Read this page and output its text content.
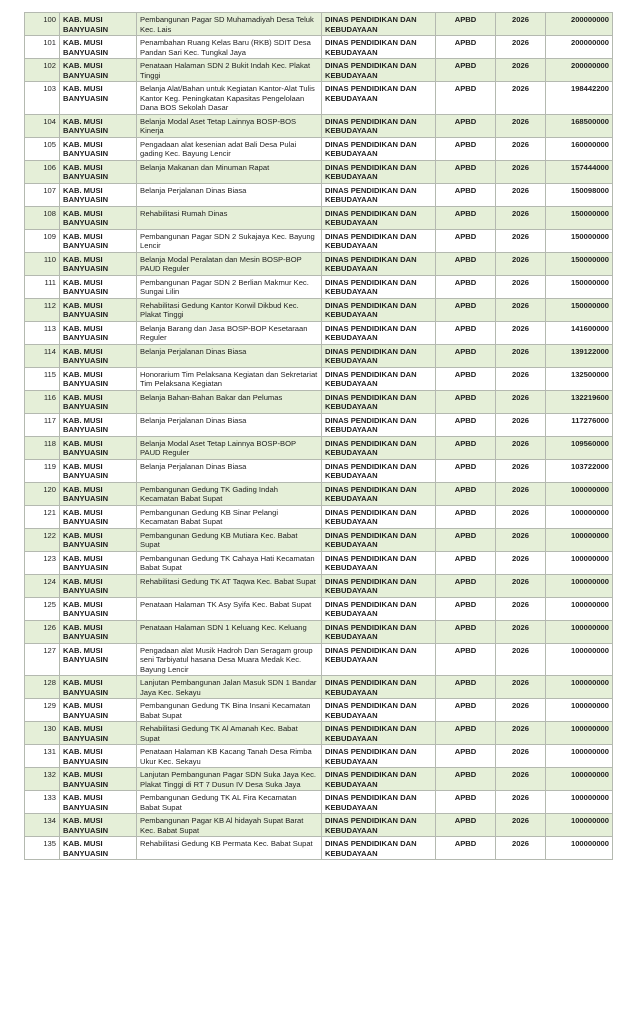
100	KAB. MUSI BANYUASIN	Pembangunan Pagar SD Muhamadiyah Desa Teluk Kec. Lais	DINAS PENDIDIKAN DAN KEBUDAYAAN	APBD	2026	200000000
101	KAB. MUSI BANYUASIN	Penambahan Ruang Kelas Baru (RKB) SDIT Desa Pandan Sari Kec. Tungkal Jaya	DINAS PENDIDIKAN DAN KEBUDAYAAN	APBD	2026	200000000
102	KAB. MUSI BANYUASIN	Penataan Halaman SDN 2 Bukit Indah Kec. Plakat Tinggi	DINAS PENDIDIKAN DAN KEBUDAYAAN	APBD	2026	200000000
103	KAB. MUSI BANYUASIN	Belanja Alat/Bahan untuk Kegiatan Kantor-Alat Tulis Kantor Keg. Peningkatan Kapasitas Pengelolaan Dana BOS Sekolah Dasar	DINAS PENDIDIKAN DAN KEBUDAYAAN	APBD	2026	198442200
104	KAB. MUSI BANYUASIN	Belanja Modal Aset Tetap Lainnya BOSP-BOS Kinerja	DINAS PENDIDIKAN DAN KEBUDAYAAN	APBD	2026	168500000
105	KAB. MUSI BANYUASIN	Pengadaan alat kesenian adat Bali Desa Pulai gading Kec. Bayung Lencir	DINAS PENDIDIKAN DAN KEBUDAYAAN	APBD	2026	160000000
106	KAB. MUSI BANYUASIN	Belanja Makanan dan Minuman Rapat	DINAS PENDIDIKAN DAN KEBUDAYAAN	APBD	2026	157444000
107	KAB. MUSI BANYUASIN	Belanja Perjalanan Dinas Biasa	DINAS PENDIDIKAN DAN KEBUDAYAAN	APBD	2026	150098000
108	KAB. MUSI BANYUASIN	Rehabilitasi Rumah Dinas	DINAS PENDIDIKAN DAN KEBUDAYAAN	APBD	2026	150000000
109	KAB. MUSI BANYUASIN	Pembangunan Pagar SDN 2 Sukajaya Kec. Bayung Lencir	DINAS PENDIDIKAN DAN KEBUDAYAAN	APBD	2026	150000000
110	KAB. MUSI BANYUASIN	Belanja Modal Peralatan dan Mesin BOSP-BOP PAUD Reguler	DINAS PENDIDIKAN DAN KEBUDAYAAN	APBD	2026	150000000
111	KAB. MUSI BANYUASIN	Pembangunan Pagar SDN 2 Berlian Makmur Kec. Sungai Lilin	DINAS PENDIDIKAN DAN KEBUDAYAAN	APBD	2026	150000000
112	KAB. MUSI BANYUASIN	Rehabilitasi Gedung Kantor Korwil Dikbud Kec. Plakat Tinggi	DINAS PENDIDIKAN DAN KEBUDAYAAN	APBD	2026	150000000
113	KAB. MUSI BANYUASIN	Belanja Barang dan Jasa BOSP-BOP Kesetaraan Reguler	DINAS PENDIDIKAN DAN KEBUDAYAAN	APBD	2026	141600000
114	KAB. MUSI BANYUASIN	Belanja Perjalanan Dinas Biasa	DINAS PENDIDIKAN DAN KEBUDAYAAN	APBD	2026	139122000
115	KAB. MUSI BANYUASIN	Honorarium Tim Pelaksana Kegiatan dan Sekretariat Tim Pelaksana Kegiatan	DINAS PENDIDIKAN DAN KEBUDAYAAN	APBD	2026	132500000
116	KAB. MUSI BANYUASIN	Belanja Bahan-Bahan Bakar dan Pelumas	DINAS PENDIDIKAN DAN KEBUDAYAAN	APBD	2026	132219600
117	KAB. MUSI BANYUASIN	Belanja Perjalanan Dinas Biasa	DINAS PENDIDIKAN DAN KEBUDAYAAN	APBD	2026	117276000
118	KAB. MUSI BANYUASIN	Belanja Modal Aset Tetap Lainnya BOSP-BOP PAUD Reguler	DINAS PENDIDIKAN DAN KEBUDAYAAN	APBD	2026	109560000
119	KAB. MUSI BANYUASIN	Belanja Perjalanan Dinas Biasa	DINAS PENDIDIKAN DAN KEBUDAYAAN	APBD	2026	103722000
120	KAB. MUSI BANYUASIN	Pembangunan Gedung TK Gading Indah Kecamatan Babat Supat	DINAS PENDIDIKAN DAN KEBUDAYAAN	APBD	2026	100000000
121	KAB. MUSI BANYUASIN	Pembangunan Gedung KB Sinar Pelangi Kecamatan Babat Supat	DINAS PENDIDIKAN DAN KEBUDAYAAN	APBD	2026	100000000
122	KAB. MUSI BANYUASIN	Pembangunan Gedung KB Mutiara Kec. Babat Supat	DINAS PENDIDIKAN DAN KEBUDAYAAN	APBD	2026	100000000
123	KAB. MUSI BANYUASIN	Pembangunan Gedung TK Cahaya Hati Kecamatan Babat Supat	DINAS PENDIDIKAN DAN KEBUDAYAAN	APBD	2026	100000000
124	KAB. MUSI BANYUASIN	Rehabilitasi Gedung TK AT Taqwa Kec. Babat Supat	DINAS PENDIDIKAN DAN KEBUDAYAAN	APBD	2026	100000000
125	KAB. MUSI BANYUASIN	Penataan Halaman TK Asy Syifa Kec. Babat Supat	DINAS PENDIDIKAN DAN KEBUDAYAAN	APBD	2026	100000000
126	KAB. MUSI BANYUASIN	Penataan Halaman SDN 1 Keluang Kec. Keluang	DINAS PENDIDIKAN DAN KEBUDAYAAN	APBD	2026	100000000
127	KAB. MUSI BANYUASIN	Pengadaan alat Musik Hadroh Dan Seragam group seni Tarbiyatul hasana Desa Muara Medak Kec. Bayung Lencir	DINAS PENDIDIKAN DAN KEBUDAYAAN	APBD	2026	100000000
128	KAB. MUSI BANYUASIN	Lanjutan Pembangunan Jalan Masuk SDN 1 Bandar Jaya Kec. Sekayu	DINAS PENDIDIKAN DAN KEBUDAYAAN	APBD	2026	100000000
129	KAB. MUSI BANYUASIN	Pembangunan Gedung TK Bina Insani Kecamatan Babat Supat	DINAS PENDIDIKAN DAN KEBUDAYAAN	APBD	2026	100000000
130	KAB. MUSI BANYUASIN	Rehabilitasi Gedung TK Al Amanah Kec. Babat Supat	DINAS PENDIDIKAN DAN KEBUDAYAAN	APBD	2026	100000000
131	KAB. MUSI BANYUASIN	Penataan Halaman KB Kacang Tanah Desa Rimba Ukur Kec. Sekayu	DINAS PENDIDIKAN DAN KEBUDAYAAN	APBD	2026	100000000
132	KAB. MUSI BANYUASIN	Lanjutan Pembangunan Pagar SDN Suka Jaya Kec. Plakat Tinggi di RT 7 Dusun IV Desa Suka Jaya	DINAS PENDIDIKAN DAN KEBUDAYAAN	APBD	2026	100000000
133	KAB. MUSI BANYUASIN	Pembangunan Gedung TK AL Fira Kecamatan Babat Supat	DINAS PENDIDIKAN DAN KEBUDAYAAN	APBD	2026	100000000
134	KAB. MUSI BANYUASIN	Pembangunan Pagar KB Al hidayah Supat Barat Kec. Babat Supat	DINAS PENDIDIKAN DAN KEBUDAYAAN	APBD	2026	100000000
135	KAB. MUSI BANYUASIN	Rehabilitasi Gedung KB Permata Kec. Babat Supat	DINAS PENDIDIKAN DAN KEBUDAYAAN	APBD	2026	100000000
